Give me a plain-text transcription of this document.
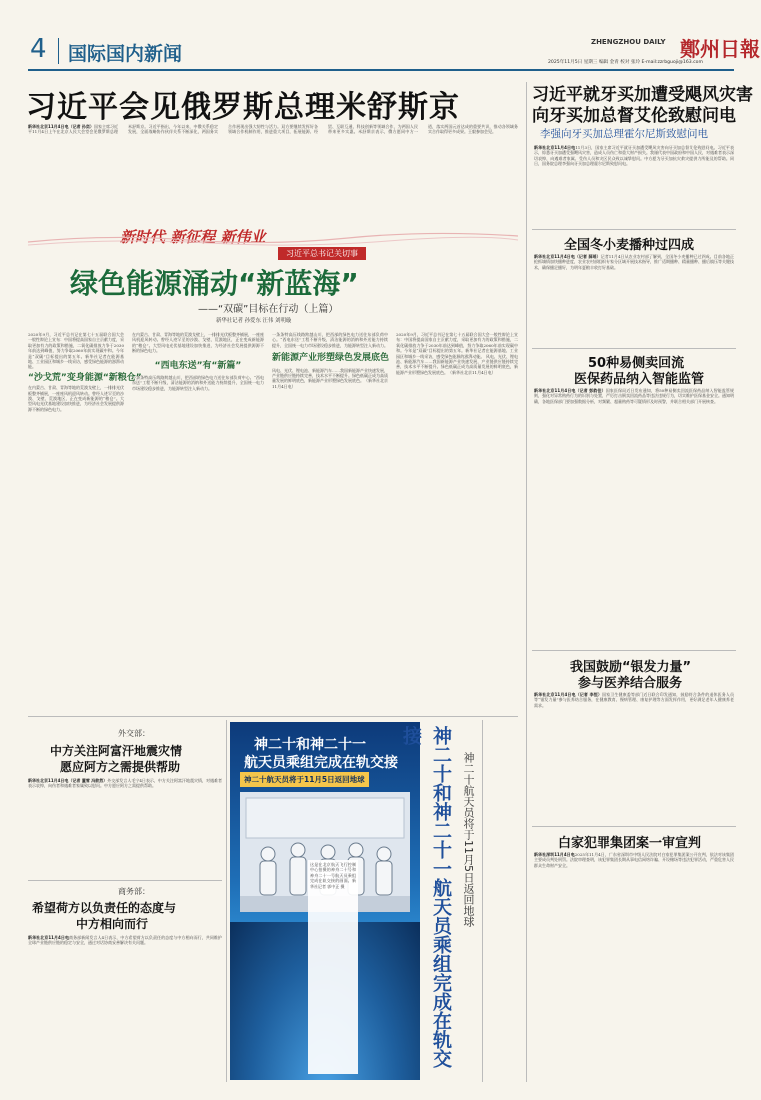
4 国际国内新闻
ZHENGZHOU DAILY 鄭州日報
2025年11月5日 星期三 编辑 金青 校对 张玲 E-mail:zzrbguoji@163.com
习近平会见俄罗斯总理米舒斯京
新华社北京11月4日电（记者 孙奕）国家主席习近平11月4日上午在北京人民大会堂会见俄罗斯总理米舒斯京。习近平指出，今年以来，中俄关系稳定发展，全面战略协作伙伴关系不断深化，两国务实合作展现出强大韧性与活力。双方要继续发挥好各领域合作机制作用，推进重大项目，拓展能源、经贸、互联互通、科技创新等领域合作，为两国人民带来更多实惠。米舒斯京表示，俄方愿同中方一道，落实两国元首达成的重要共识，推动各领域务实合作取得更多成果。王毅参加会见。
习近平就牙买加遭受飓风灾害
向牙买加总督艾伦致慰问电
李强向牙买加总理霍尔尼斯致慰问电
新华社北京11月4日电11月3日，国家主席习近平就牙买加遭受飓风灾害向牙买加总督艾伦致慰问电。习近平表示，惊悉牙买加遭受强飓风灾害，造成人员伤亡和重大财产损失。我谨代表中国政府和中国人民，对遇难者表示深切哀悼，向遇难者家属、受伤人员和灾区民众致以诚挚慰问。中方愿为牙买加抗灾救灾提供力所能及的帮助。同日，国务院总理李强向牙买加总理霍尔尼斯致慰问电。
新时代 新征程 新伟业
习近平总书记关切事
绿色能源涌动“新蓝海”
——“双碳”目标在行动（上篇）
新华社记者 孙爱东 汪伟 刘明璇
2020年9月，习近平总书记在第七十五届联合国大会一般性辩论上宣布：中国将提高国家自主贡献力度，采取更加有力的政策和措施，二氧化碳排放力争于2030年前达到峰值，努力争取2060年前实现碳中和。今年是“双碳”目标提出的第五年。新华社记者在能源基地、工业园区和城乡一线采访，感受绿色能源的澎湃动能。
“沙戈荒”变身能源“新粮仓”
在内蒙古、甘肃、青海等地的荒漠戈壁上，一排排光伏板整齐铺展，一座座风机迎风转动。曾经人迹罕至的沙漠、戈壁、荒漠地区，正在变成新能源的“粮仓”。大型风电光伏基地建设加快推进，为经济社会发展提供源源不断的绿色电力。
在内蒙古、甘肃、青海等地的荒漠戈壁上，一排排光伏板整齐铺展，一座座风机迎风转动。曾经人迹罕至的沙漠、戈壁、荒漠地区，正在变成新能源的“粮仓”。大型风电光伏基地建设加快推进，为经济社会发展提供源源不断的绿色电力。
“西电东送”有“新篇”
一条条特高压线路跨越山川，把西部的绿色电力送往东部负荷中心。“西电东送”工程不断升级，清洁能源的消纳和外送能力持续提升，全国统一电力市场建设稳步推进，为能源转型注入新动力。
一条条特高压线路跨越山川，把西部的绿色电力送往东部负荷中心。“西电东送”工程不断升级，清洁能源的消纳和外送能力持续提升，全国统一电力市场建设稳步推进，为能源转型注入新动力。
新能源产业形塑绿色发展底色
风电、光伏、锂电池、新能源汽车……我国新能源产业快速发展，产业链供应链持续完善，技术水平不断提升。绿色低碳正成为高质量发展的鲜明底色，新能源产业形塑绿色发展底色。（新华社北京11月4日电）
2020年9月，习近平总书记在第七十五届联合国大会一般性辩论上宣布：中国将提高国家自主贡献力度，采取更加有力的政策和措施，二氧化碳排放力争于2030年前达到峰值，努力争取2060年前实现碳中和。今年是“双碳”目标提出的第五年。新华社记者在能源基地、工业园区和城乡一线采访，感受绿色能源的澎湃动能。 风电、光伏、锂电池、新能源汽车……我国新能源产业快速发展，产业链供应链持续完善，技术水平不断提升。绿色低碳正成为高质量发展的鲜明底色，新能源产业形塑绿色发展底色。（新华社北京11月4日电）
全国冬小麦播种过四成
新华社北京11月4日电（记者 薛瑶）记者11月4日从农业农村部了解到，全国冬小麦播种已过四成。目前各地正抢抓墒情加快播种进度，农业农村部组织专家分区域开展技术指导，推广适期播种、精量播种、播后镇压等关键技术，确保播足播好，为明年夏粮丰收打好基础。
50种易侧卖回流
医保药品纳入智能监管
新华社北京11月4日电（记者 彭韵佳）国家医保局近日发布通知，将50种易侧卖回流医保药品纳入智能监管规则，强化对异常购药行为的识别与处置，严厉打击倒卖回流药品等违法违规行为，切实维护医保基金安全。通知明确，各地医保部门要加强数据分析，对频繁、超量购药等可疑情形及时预警，并联合相关部门开展核查。
我国鼓励“银发力量”
参与医养结合服务
新华社北京11月4日电（记者 李恒）国家卫生健康委等部门近日联合印发通知，鼓励符合条件的退休医务人员等“银发力量”参与医养结合服务，在健康教育、慢病管理、康复护理等方面发挥作用，更好满足老年人健康养老需求。
白家犯罪集团案一审宣判
新华社深圳11月4日电2025年11月4日，广东省深圳市中级人民法院对白家犯罪集团案公开宣判，依法对该集团主要成员判处刑罚。法院审理查明，该犯罪集团长期从事电信网络诈骗、开设赌场等违法犯罪活动，严重危害人民群众生命财产安全。
外交部：
中方关注阿富汗地震灾情
愿应阿方之需提供帮助
新华社北京11月4日电（记者 董雪 冯歆然）外交部发言人毛宁4日表示，中方关注阿富汗地震灾情，对遇难者表示哀悼，向伤者和遇难者家属致以慰问。中方愿应阿方之需提供帮助。
商务部：
希望荷方以负责任的态度与
中方相向而行
新华社北京11月4日电商务部新闻发言人4日表示，中方希望荷方以负责任的态度与中方相向而行，共同维护全球产业链供应链的稳定与安全，通过对话协商妥善解决有关问题。
神二十和神二十一
航天员乘组完成在轨交接
神二十航天员将于11月5日返回地球
这是在北京航天飞行控制中心拍摄的神舟二十号和神舟二十一号航天员乘组完成在轨交接的画面。新华社记者 郭中正 摄	神二十和神二十一航天员乘组完成在轨交接
神二十航天员将于11月5日返回地球
